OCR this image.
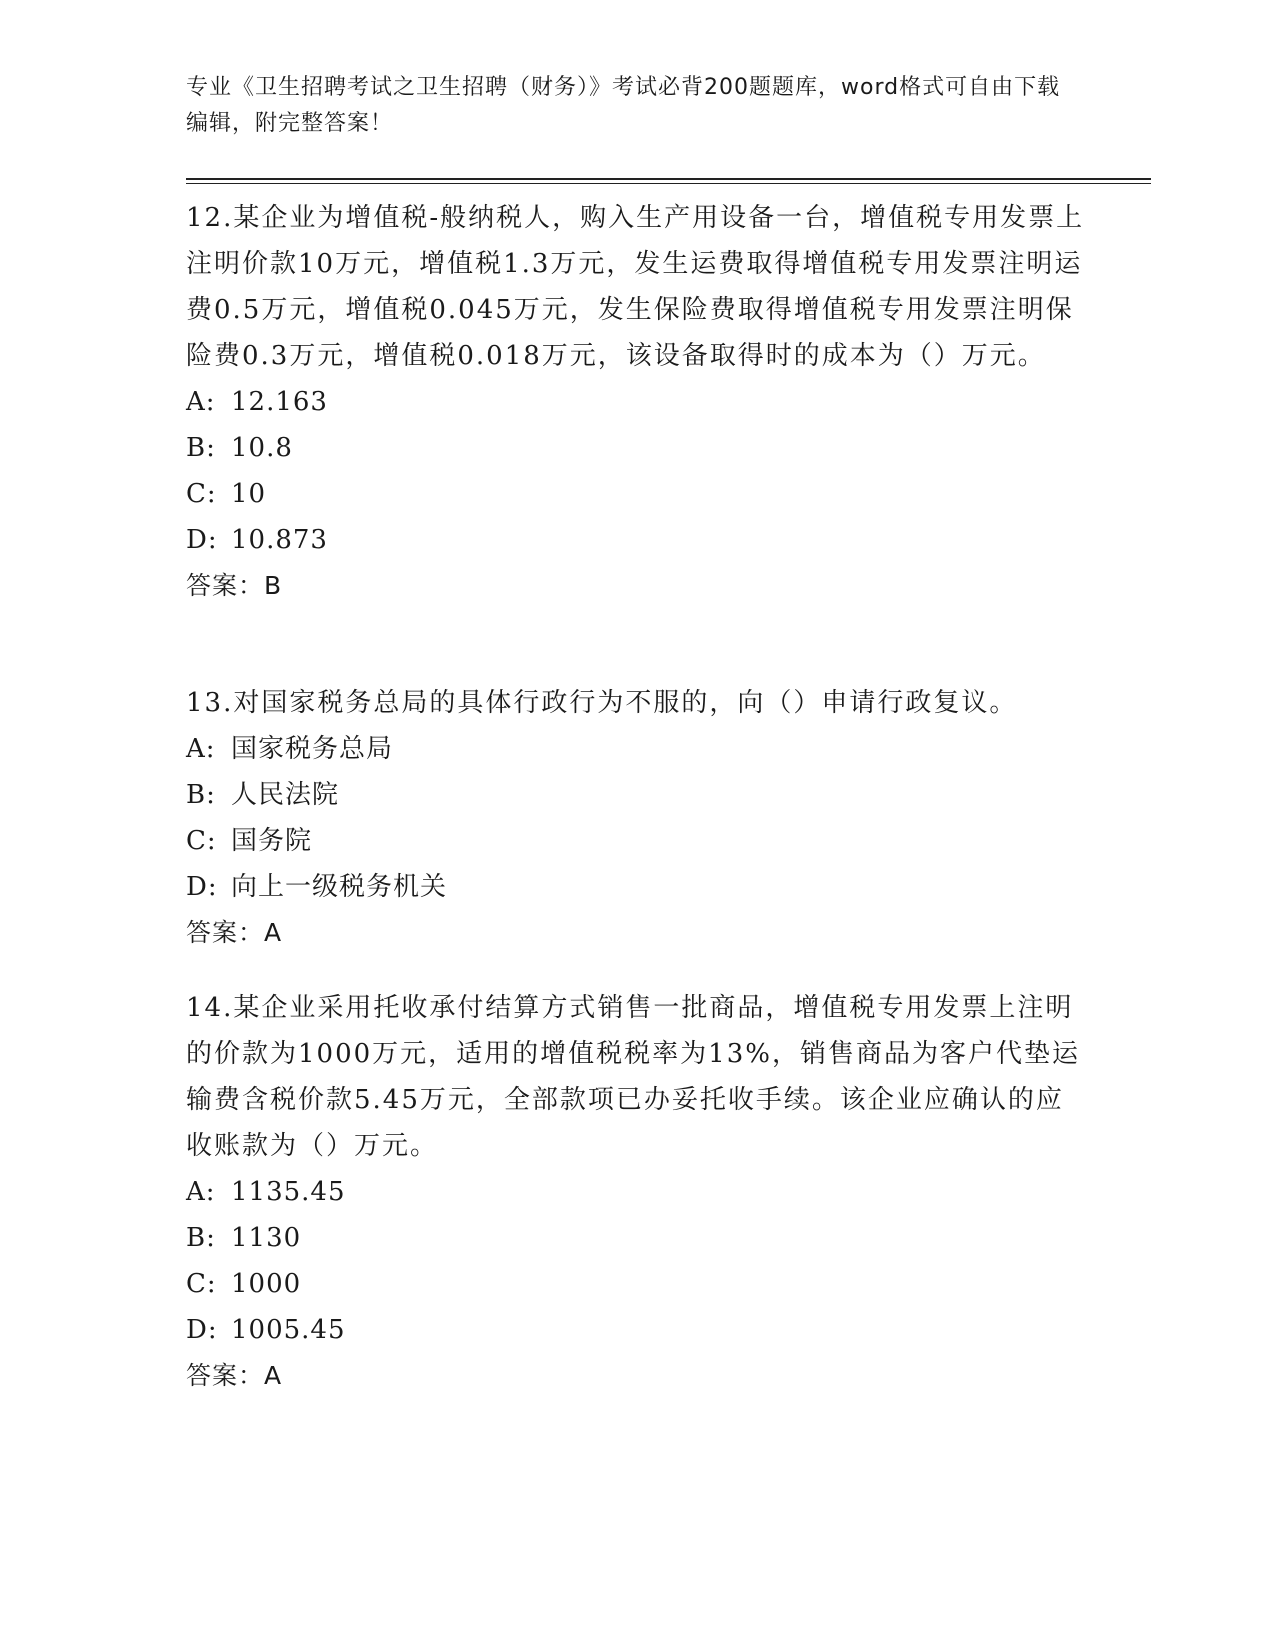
专业《卫生招聘考试之卫生招聘（财务）》考试必背200题题库，word格式可自由下载编辑，附完整答案！
12.某企业为增值税-般纳税人，购入生产用设备一台，增值税专用发票上注明价款10万元，增值税1.3万元，发生运费取得增值税专用发票注明运费0.5万元，增值税0.045万元，发生保险费取得增值税专用发票注明保险费0.3万元，增值税0.018万元，该设备取得时的成本为（）万元。
A: 12.163
B: 10.8
C: 10
D: 10.873
答案：B
13.对国家税务总局的具体行政行为不服的，向（）申请行政复议。
A: 国家税务总局
B: 人民法院
C: 国务院
D: 向上一级税务机关
答案：A
14.某企业采用托收承付结算方式销售一批商品，增值税专用发票上注明的价款为1000万元，适用的增值税税率为13%，销售商品为客户代垫运输费含税价款5.45万元，全部款项已办妥托收手续。该企业应确认的应收账款为（）万元。
A: 1135.45
B: 1130
C: 1000
D: 1005.45
答案：A
